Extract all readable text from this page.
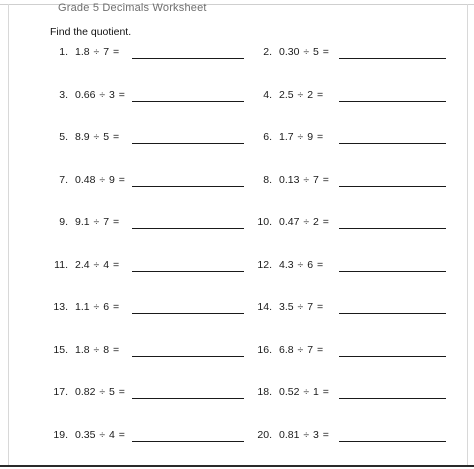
Grade 5 Decimals Worksheet
Find the quotient.
1. 1.8 ÷ 7 =	2. 0.30 ÷ 5 =
3. 0.66 ÷ 3 =	4. 2.5 ÷ 2 =
5. 8.9 ÷ 5 =	6. 1.7 ÷ 9 =
7. 0.48 ÷ 9 =	8. 0.13 ÷ 7 =
9. 9.1 ÷ 7 =	10. 0.47 ÷ 2 =
11. 2.4 ÷ 4 =	12. 4.3 ÷ 6 =
13. 1.1 ÷ 6 =	14. 3.5 ÷ 7 =
15. 1.8 ÷ 8 =	16. 6.8 ÷ 7 =
17. 0.82 ÷ 5 =	18. 0.52 ÷ 1 =
19. 0.35 ÷ 4 =	20. 0.81 ÷ 3 =
